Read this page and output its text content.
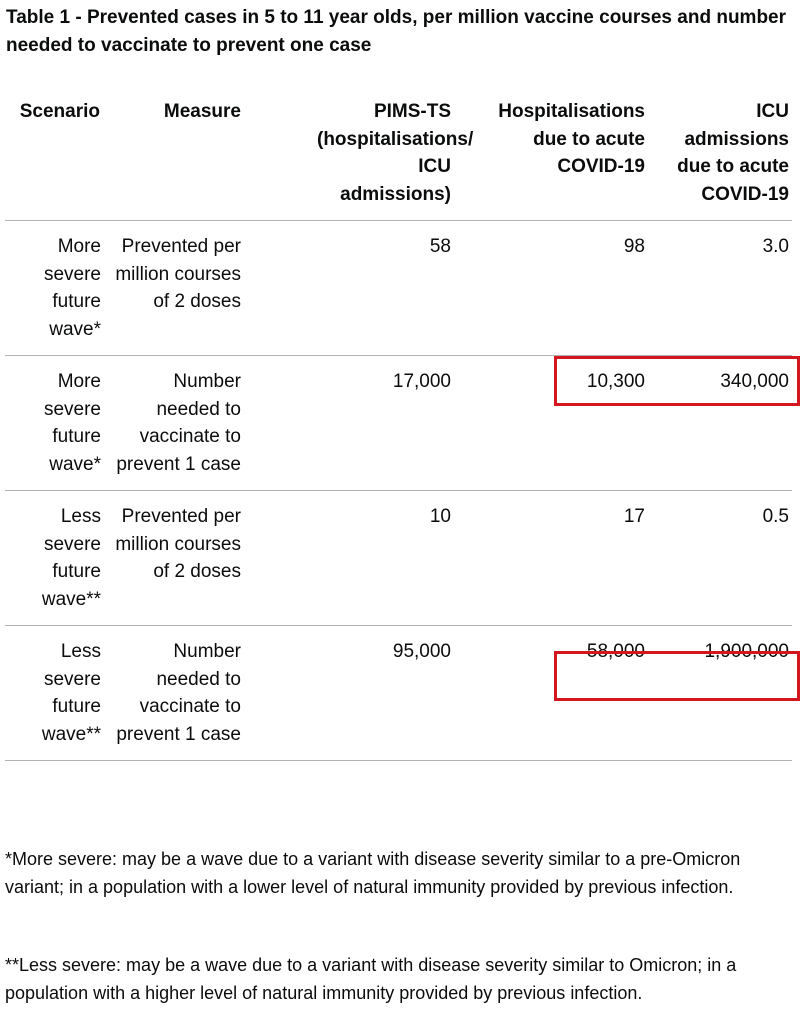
Table 1 - Prevented cases in 5 to 11 year olds, per million vaccine courses and number needed to vaccinate to prevent one case

Scenario	Measure	PIMS-TS (hospitalisations/ ICU admissions)	Hospitalisations due to acute COVID-19	ICU admissions due to acute COVID-19
More severe future wave*	Prevented per million courses of 2 doses	58	98	3.0
More severe future wave*	Number needed to vaccinate to prevent 1 case	17,000	10,300	340,000
Less severe future wave**	Prevented per million courses of 2 doses	10	17	0.5
Less severe future wave**	Number needed to vaccinate to prevent 1 case	95,000	58,000	1,900,000

*More severe: may be a wave due to a variant with disease severity similar to a pre-Omicron variant; in a population with a lower level of natural immunity provided by previous infection.

**Less severe: may be a wave due to a variant with disease severity similar to Omicron; in a population with a higher level of natural immunity provided by previous infection.
